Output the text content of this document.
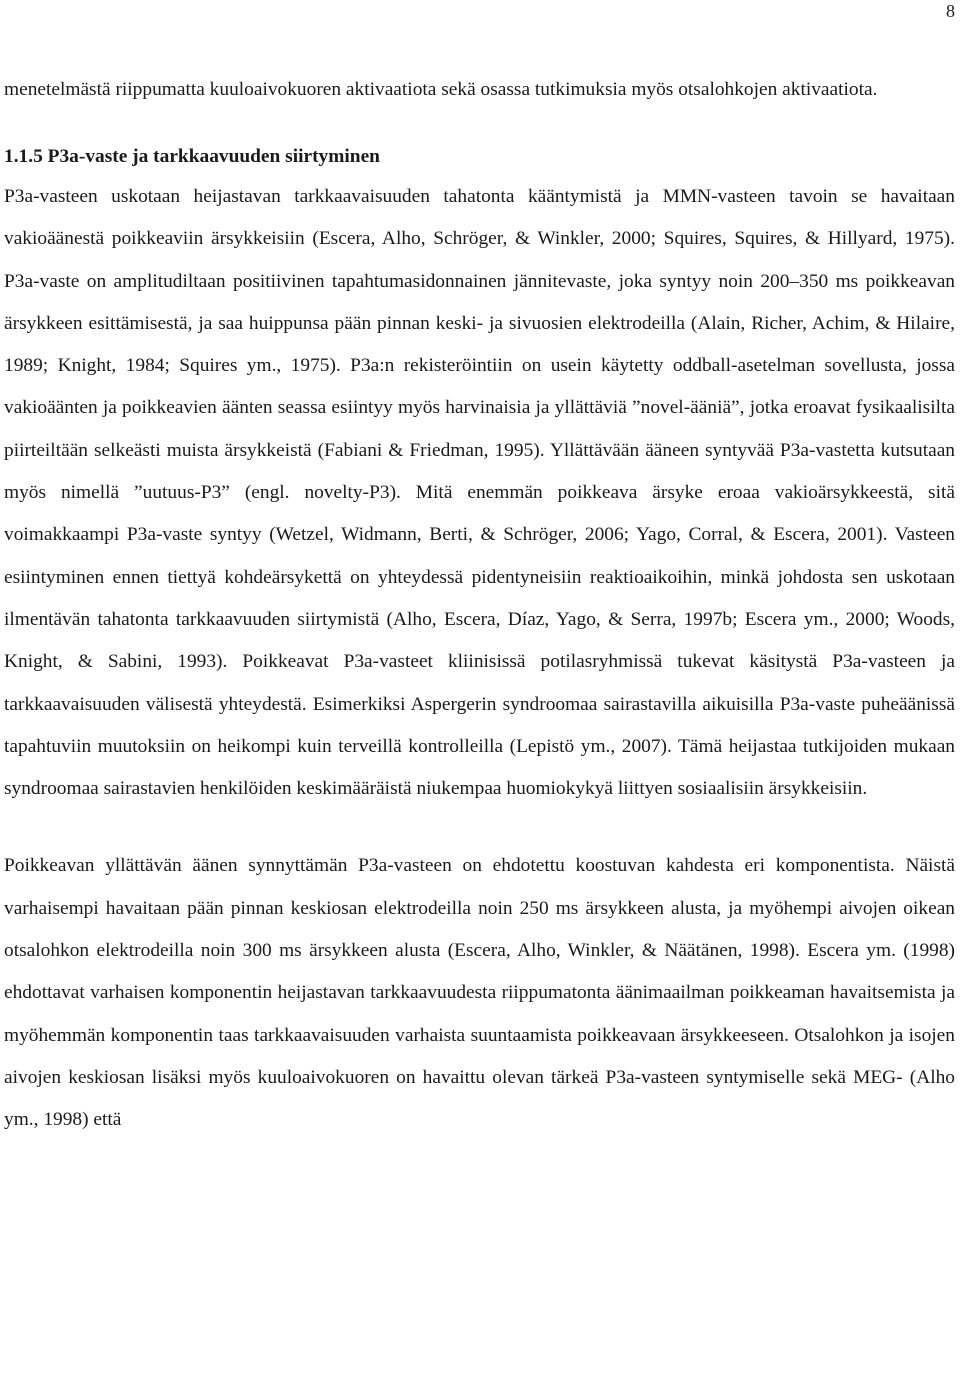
8

menetelmästä riippumatta kuuloaivokuoren aktivaatiota sekä osassa tutkimuksia myös otsalohkojen aktivaatiota.

1.1.5 P3a-vaste ja tarkkaavuuden siirtyminen

P3a-vasteen uskotaan heijastavan tarkkaavaisuuden tahatonta kääntymistä ja MMN-vasteen tavoin se havaitaan vakioäänestä poikkeaviin ärsykkeisiin (Escera, Alho, Schröger, & Winkler, 2000; Squires, Squires, & Hillyard, 1975). P3a-vaste on amplitudiltaan positiivinen tapahtumasidonnainen jännitevaste, joka syntyy noin 200–350 ms poikkeavan ärsykkeen esittämisestä, ja saa huippunsa pään pinnan keski- ja sivuosien elektrodeilla (Alain, Richer, Achim, & Hilaire, 1989; Knight, 1984; Squires ym., 1975). P3a:n rekisteröintiin on usein käytetty oddball-asetelman sovellusta, jossa vakioäänten ja poikkeavien äänten seassa esiintyy myös harvinaisia ja yllättäviä ”novel-ääniä”, jotka eroavat fysikaalisilta piirteiltään selkeästi muista ärsykkeistä (Fabiani & Friedman, 1995). Yllättävään ääneen syntyvää P3a-vastetta kutsutaan myös nimellä ”uutuus-P3” (engl. novelty-P3). Mitä enemmän poikkeava ärsyke eroaa vakioärsykkeestä, sitä voimakkaampi P3a-vaste syntyy (Wetzel, Widmann, Berti, & Schröger, 2006; Yago, Corral, & Escera, 2001). Vasteen esiintyminen ennen tiettyä kohdeärsykettä on yhteydessä pidentyneisiin reaktioaikoihin, minkä johdosta sen uskotaan ilmentävän tahatonta tarkkaavuuden siirtymistä (Alho, Escera, Díaz, Yago, & Serra, 1997b; Escera ym., 2000; Woods, Knight, & Sabini, 1993). Poikkeavat P3a-vasteet kliinisissä potilasryhmissä tukevat käsitystä P3a-vasteen ja tarkkaavaisuuden välisestä yhteydestä. Esimerkiksi Aspergerin syndroomaa sairastavilla aikuisilla P3a-vaste puheäänissä tapahtuviin muutoksiin on heikompi kuin terveillä kontrolleilla (Lepistö ym., 2007). Tämä heijastaa tutkijoiden mukaan syndroomaa sairastavien henkilöiden keskimääräistä niukempaa huomiokykyä liittyen sosiaalisiin ärsykkeisiin.

Poikkeavan yllättävän äänen synnyttämän P3a-vasteen on ehdotettu koostuvan kahdesta eri komponentista. Näistä varhaisempi havaitaan pään pinnan keskiosan elektrodeilla noin 250 ms ärsykkeen alusta, ja myöhempi aivojen oikean otsalohkon elektrodeilla noin 300 ms ärsykkeen alusta (Escera, Alho, Winkler, & Näätänen, 1998). Escera ym. (1998) ehdottavat varhaisen komponentin heijastavan tarkkaavuudesta riippumatonta äänimaailman poikkeaman havaitsemista ja myöhemmän komponentin taas tarkkaavaisuuden varhaista suuntaamista poikkeavaan ärsykkeeseen. Otsalohkon ja isojen aivojen keskiosan lisäksi myös kuuloaivokuoren on havaittu olevan tärkeä P3a-vasteen syntymiselle sekä MEG- (Alho ym., 1998) että
